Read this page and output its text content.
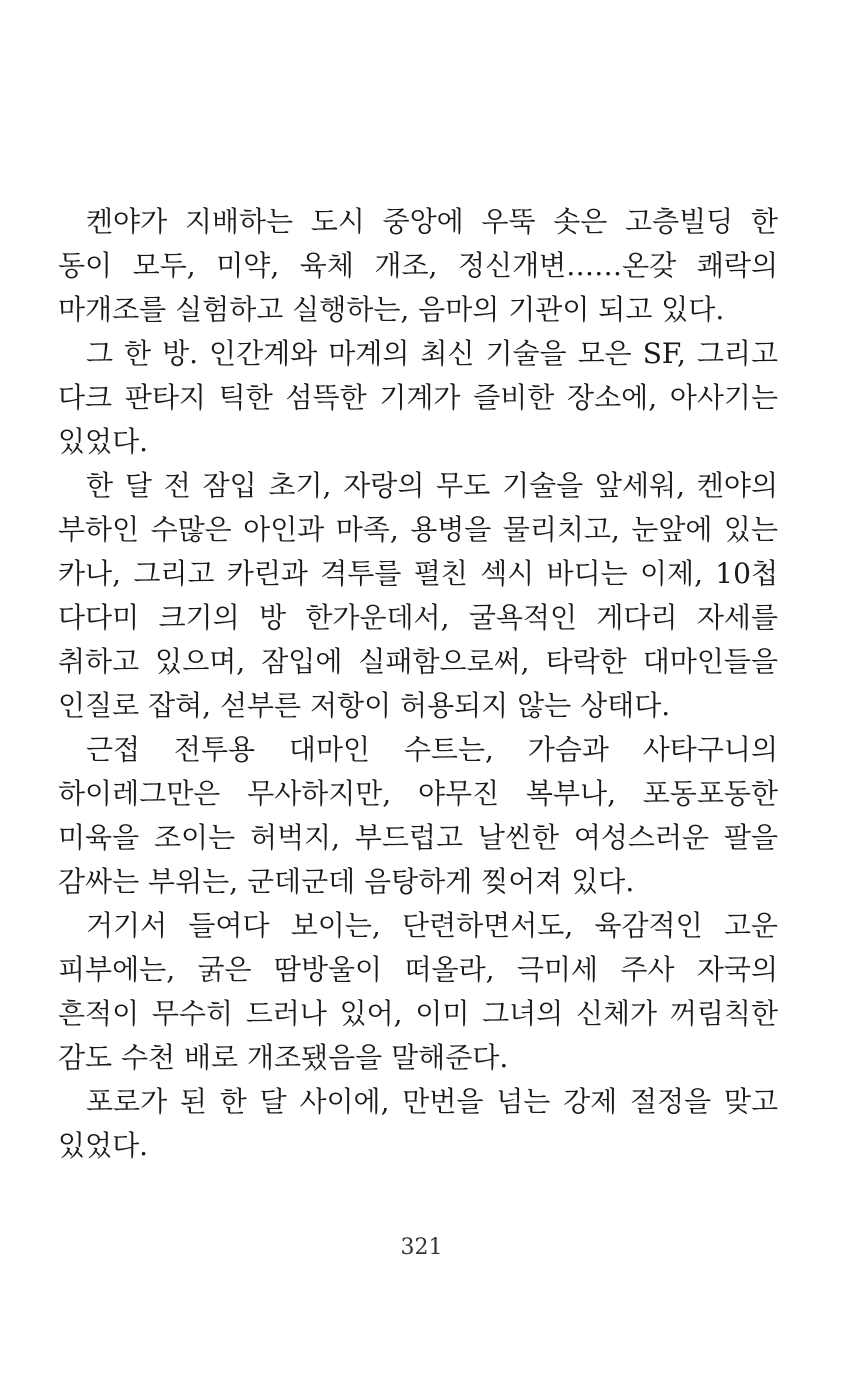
켄야가 지배하는 도시 중앙에 우뚝 솟은 고층빌딩 한 동이 모두, 미약, 육체 개조, 정신개변……온갖 쾌락의 마개조를 실험하고 실행하는, 음마의 기관이 되고 있다.

그 한 방. 인간계와 마계의 최신 기술을 모은 SF, 그리고 다크 판타지 틱한 섬뜩한 기계가 즐비한 장소에, 아사기는 있었다.

한 달 전 잠입 초기, 자랑의 무도 기술을 앞세워, 켄야의 부하인 수많은 아인과 마족, 용병을 물리치고, 눈앞에 있는 카나, 그리고 카린과 격투를 펼친 섹시 바디는 이제, 10첩 다다미 크기의 방 한가운데서, 굴욕적인 게다리 자세를 취하고 있으며, 잠입에 실패함으로써, 타락한 대마인들을 인질로 잡혀, 섣부른 저항이 허용되지 않는 상태다.

근접 전투용 대마인 수트는, 가슴과 사타구니의 하이레그만은 무사하지만, 야무진 복부나, 포동포동한 미육을 조이는 허벅지, 부드럽고 날씬한 여성스러운 팔을 감싸는 부위는, 군데군데 음탕하게 찢어져 있다.

거기서 들여다 보이는, 단련하면서도, 육감적인 고운 피부에는, 굵은 땀방울이 떠올라, 극미세 주사 자국의 흔적이 무수히 드러나 있어, 이미 그녀의 신체가 꺼림칙한 감도 수천 배로 개조됐음을 말해준다.

포로가 된 한 달 사이에, 만번을 넘는 강제 절정을 맞고 있었다.

321
